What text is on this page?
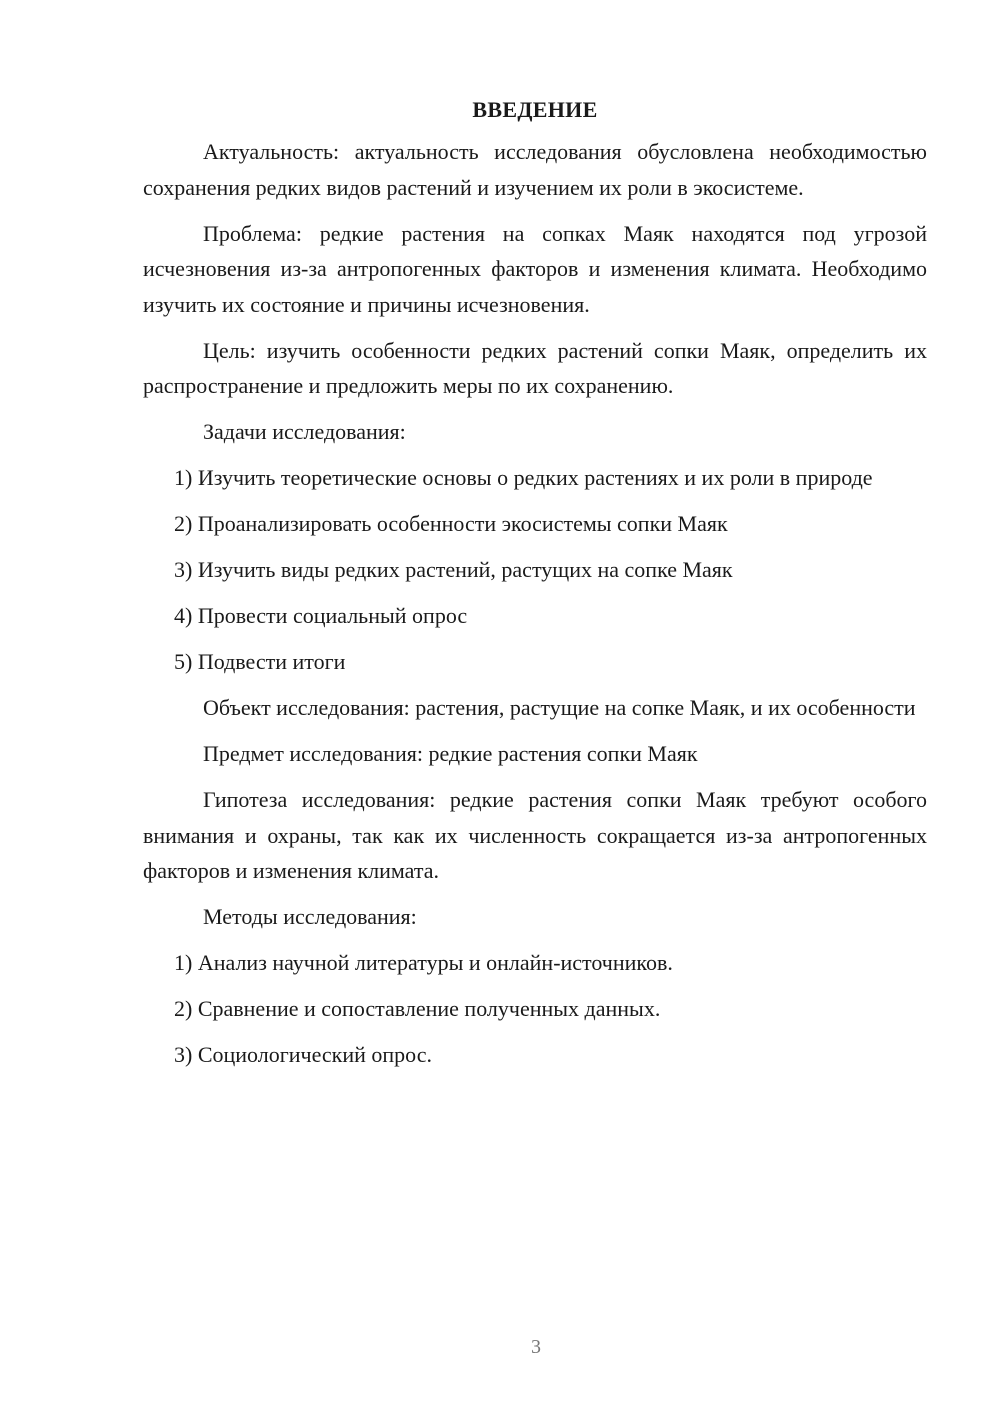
ВВЕДЕНИЕ

Актуальность: актуальность исследования обусловлена необходимостью сохранения редких видов растений и изучением их роли в экосистеме.

Проблема: редкие растения на сопках Маяк находятся под угрозой исчезновения из-за антропогенных факторов и изменения климата. Необходимо изучить их состояние и причины исчезновения.

Цель: изучить особенности редких растений сопки Маяк, определить их распространение и предложить меры по их сохранению.

Задачи исследования:

1) Изучить теоретические основы о редких растениях и их роли в природе

2) Проанализировать особенности экосистемы сопки Маяк

3) Изучить виды редких растений, растущих на сопке Маяк

4) Провести социальный опрос

5) Подвести итоги

Объект исследования: растения, растущие на сопке Маяк, и их особенности

Предмет исследования: редкие растения сопки Маяк

Гипотеза исследования: редкие растения сопки Маяк требуют особого внимания и охраны, так как их численность сокращается из-за антропогенных факторов и изменения климата.

Методы исследования:

1) Анализ научной литературы и онлайн-источников.

2) Сравнение и сопоставление полученных данных.

3) Социологический опрос.

3
